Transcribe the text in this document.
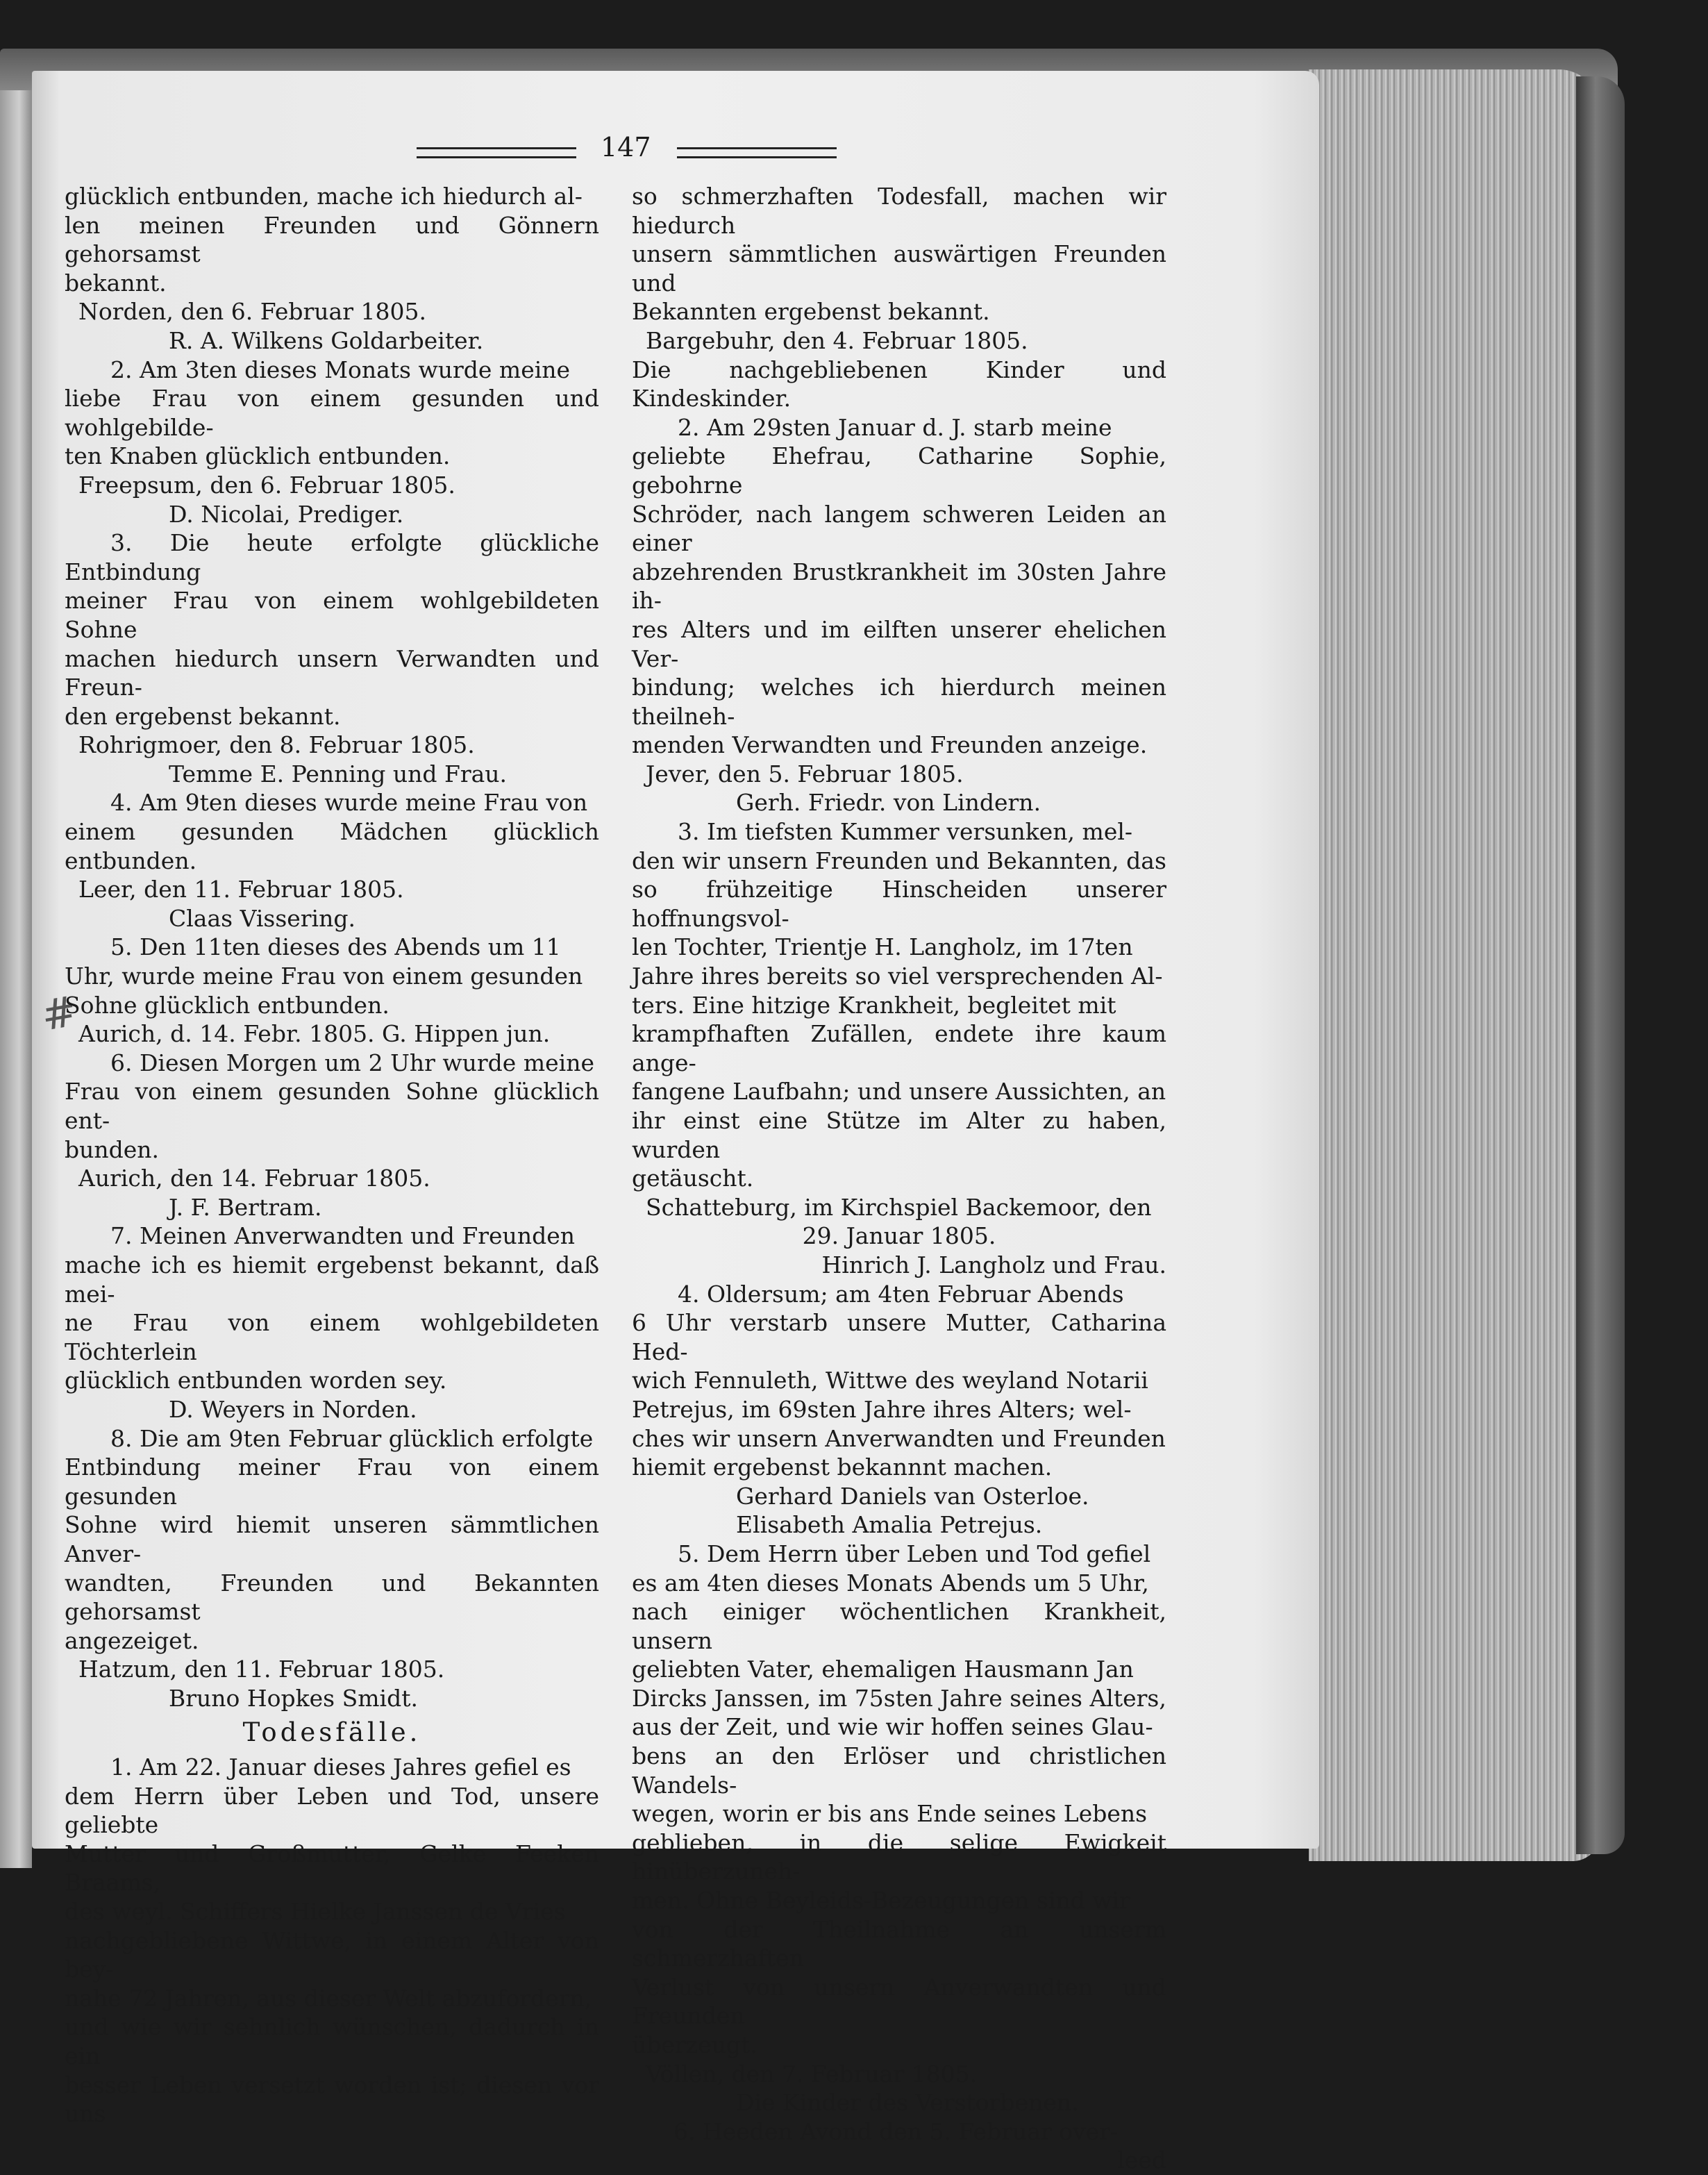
147
#
glücklich entbunden, mache ich hiedurch al-
len meinen Freunden und Gönnern gehorsamst
bekannt.
Norden, den 6. Februar 1805.
R. A. Wilkens Goldarbeiter.
2. Am 3ten dieses Monats wurde meine
liebe Frau von einem gesunden und wohlgebilde-
ten Knaben glücklich entbunden.
Freepsum, den 6. Februar 1805.
D. Nicolai, Prediger.
3. Die heute erfolgte glückliche Entbindung
meiner Frau von einem wohlgebildeten Sohne
machen hiedurch unsern Verwandten und Freun-
den ergebenst bekannt.
Rohrigmoer, den 8. Februar 1805.
Temme E. Penning und Frau.
4. Am 9ten dieses wurde meine Frau von
einem gesunden Mädchen glücklich entbunden.
Leer, den 11. Februar 1805.
Claas Vissering.
5. Den 11ten dieses des Abends um 11
Uhr, wurde meine Frau von einem gesunden
Sohne glücklich entbunden.
Aurich, d. 14. Febr. 1805. G. Hippen jun.
6. Diesen Morgen um 2 Uhr wurde meine
Frau von einem gesunden Sohne glücklich ent-
bunden.
Aurich, den 14. Februar 1805.
J. F. Bertram.
7. Meinen Anverwandten und Freunden
mache ich es hiemit ergebenst bekannt, daß mei-
ne Frau von einem wohlgebildeten Töchterlein
glücklich entbunden worden sey.
D. Weyers in Norden.
8. Die am 9ten Februar glücklich erfolgte
Entbindung meiner Frau von einem gesunden
Sohne wird hiemit unseren sämmtlichen Anver-
wandten, Freunden und Bekannten gehorsamst
angezeiget.
Hatzum, den 11. Februar 1805.
Bruno Hopkes Smidt.
Todesfälle.
1. Am 22. Januar dieses Jahres gefiel es
dem Herrn über Leben und Tod, unsere geliebte
Mutter und Großmutter, Gelke Feeken Braams,
des weyl. Schiffers Hielke Janssen de Vries
nachgebliebene Wittwe, in einem Alter von bey-
nahe 72 Jahren, aus dieser Welt abzufordern,
und wie wir sehnlich wünschen, dadurch in ein
besser Leben versetzt worden ist; diesen vor uns
so schmerzhaften Todesfall, machen wir hiedurch
unsern sämmtlichen auswärtigen Freunden und
Bekannten ergebenst bekannt.
Bargebuhr, den 4. Februar 1805.
Die nachgebliebenen Kinder und Kindeskinder.
2. Am 29sten Januar d. J. starb meine
geliebte Ehefrau, Catharine Sophie, gebohrne
Schröder, nach langem schweren Leiden an einer
abzehrenden Brustkrankheit im 30sten Jahre ih-
res Alters und im eilften unserer ehelichen Ver-
bindung; welches ich hierdurch meinen theilneh-
menden Verwandten und Freunden anzeige.
Jever, den 5. Februar 1805.
Gerh. Friedr. von Lindern.
3. Im tiefsten Kummer versunken, mel-
den wir unsern Freunden und Bekannten, das
so frühzeitige Hinscheiden unserer hoffnungsvol-
len Tochter, Trientje H. Langholz, im 17ten
Jahre ihres bereits so viel versprechenden Al-
ters. Eine hitzige Krankheit, begleitet mit
krampfhaften Zufällen, endete ihre kaum ange-
fangene Laufbahn; und unsere Aussichten, an
ihr einst eine Stütze im Alter zu haben, wurden
getäuscht.
Schatteburg, im Kirchspiel Backemoor, den
29. Januar 1805.
Hinrich J. Langholz und Frau.
4. Oldersum; am 4ten Februar Abends
6 Uhr verstarb unsere Mutter, Catharina Hed-
wich Fennuleth, Wittwe des weyland Notarii
Petrejus, im 69sten Jahre ihres Alters; wel-
ches wir unsern Anverwandten und Freunden
hiemit ergebenst bekannnt machen.
Gerhard Daniels van Osterloe.
Elisabeth Amalia Petrejus.
5. Dem Herrn über Leben und Tod gefiel
es am 4ten dieses Monats Abends um 5 Uhr,
nach einiger wöchentlichen Krankheit, unsern
geliebten Vater, ehemaligen Hausmann Jan
Dircks Janssen, im 75sten Jahre seines Alters,
aus der Zeit, und wie wir hoffen seines Glau-
bens an den Erlöser und christlichen Wandels-
wegen, worin er bis ans Ende seines Lebens
geblieben, in die selige Ewigkeit hinüberzuneh-
men. Ohne Beyleids-Bezeugungen sind wir
von der Theilnahme an unserm schmerzhaften
Verlust von unsern Anverwandten und Freunden
überzeugt.
Völlen, den 7. Februar 1805.
Die Kinder des Verstorbenen.
6. Heeden Avond den 5. Februar over-
leed
